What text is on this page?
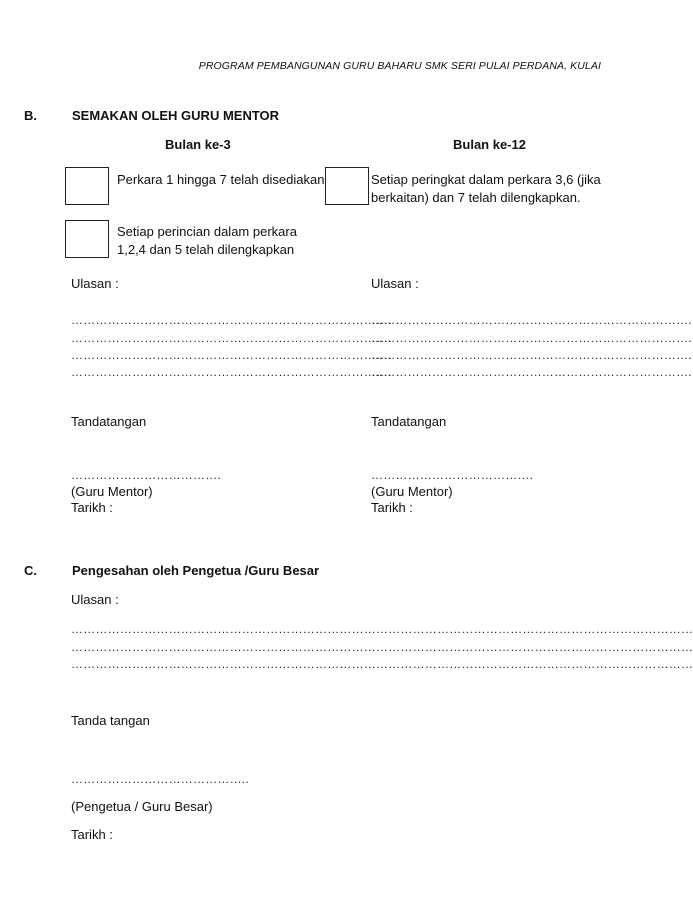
PROGRAM PEMBANGUNAN GURU BAHARU SMK SERI PULAI PERDANA, KULAI
B.	SEMAKAN OLEH GURU MENTOR
Bulan ke-3	Bulan ke-12
Perkara 1 hingga 7 telah disediakan
Setiap perincian dalam perkara
1,2,4 dan 5 telah dilengkapkan
Setiap peringkat dalam perkara 3,6 (jika
berkaitan) dan 7 telah dilengkapkan.
Ulasan :	Ulasan :
…………………………………………………………………….
…………………………………………………………………….
…………………………………………………………………….
…………………………………………………………………….
…………………………………………………………………….
…………………………………………………………………….
…………………………………………………………………….
…………………………………………………………………….
Tandatangan	Tandatangan
……………………………….	………………………………….
(Guru Mentor)	(Guru Mentor)
Tarikh :	Tarikh :
C.	Pengesahan oleh Pengetua /Guru Besar
Ulasan :
………………………………………………………………………………………………………………………………………
………………………………………………………………………………………………………………………………………
………………………………………………………………………………………………………………………………………
Tanda tangan
……………………………………..
(Pengetua / Guru Besar)
Tarikh :
